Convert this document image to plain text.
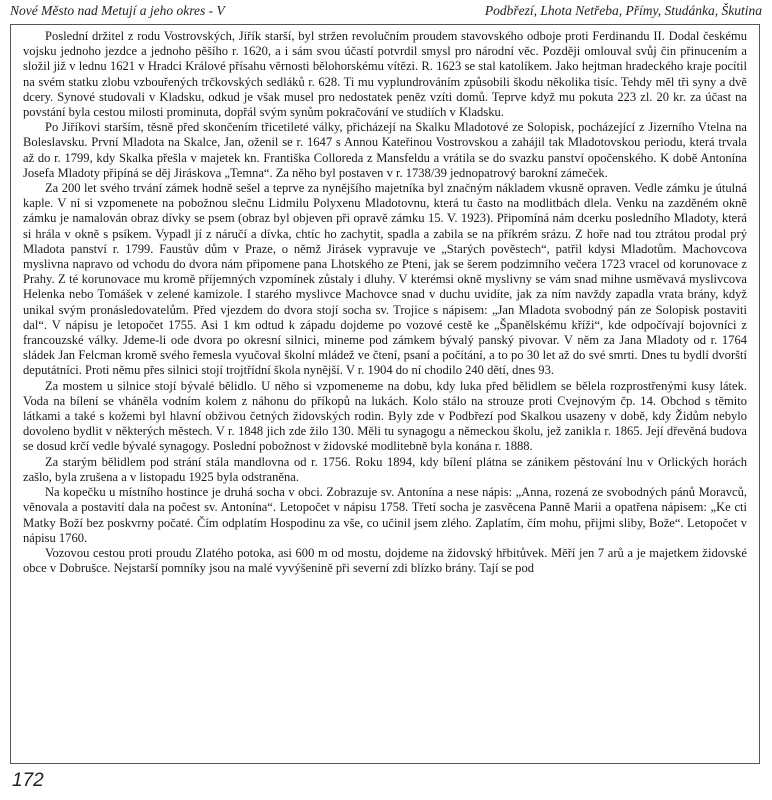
Nové Město nad Metují a jeho okres - V	Podbřezí, Lhota Netřeba, Přímy, Studánka, Škutina

Poslední držitel z rodu Vostrovských, Jiřík starší, byl stržen revolučním proudem stavovského odboje proti Ferdinandu II. Dodal českému vojsku jednoho jezdce a jednoho pěšího r. 1620, a i sám svou účastí potvrdil smysl pro národní věc. Později omlouval svůj čin přinucením a složil již v lednu 1621 v Hradci Králové přísahu věrnosti bělohorskému vítězi. R. 1623 se stal katolíkem. Jako hejtman hradeckého kraje pocítil na svém statku zlobu vzbouřených trčkovských sedláků r. 628. Ti mu vyplundrováním způsobili škodu několika tisíc. Tehdy měl tři syny a dvě dcery. Synové studovali v Kladsku, odkud je však musel pro nedostatek peněz vzíti domů. Teprve když mu pokuta 223 zl. 20 kr. za účast na povstání byla cestou milosti prominuta, dopřál svým synům pokračování ve studiích v Kladsku.

Po Jiříkovi starším, těsně před skončením třicetileté války, přicházejí na Skalku Mladotové ze Solopisk, pocházející z Jizerního Vtelna na Boleslavsku. První Mladota na Skalce, Jan, oženil se r. 1647 s Annou Kateřinou Vostrovskou a zahájil tak Mladotovskou periodu, která trvala až do r. 1799, kdy Skalka přešla v majetek kn. Františka Colloreda z Mansfeldu a vrátila se do svazku panství opočenského. K době Antonína Josefa Mladoty připíná se děj Jiráskova „Temna“. Za něho byl postaven v r. 1738/39 jednopatrový barokní zámeček.

Za 200 let svého trvání zámek hodně sešel a teprve za nynějšího majetníka byl značným nákladem vkusně opraven. Vedle zámku je útulná kaple. V ní si vzpomenete na pobožnou slečnu Lidmilu Polyxenu Mladotovnu, která tu často na modlitbách dlela. Venku na zazděném okně zámku je namalován obraz dívky se psem (obraz byl objeven při opravě zámku 15. V. 1923). Připomíná nám dcerku posledního Mladoty, která si hrála v okně s psíkem. Vypadl jí z náručí a dívka, chtíc ho zachytit, spadla a zabila se na příkrém srázu. Z hoře nad tou ztrátou prodal prý Mladota panství r. 1799. Faustův dům v Praze, o němž Jirásek vypravuje ve „Starých pověstech“, patřil kdysi Mladotům. Machovcova myslivna napravo od vchodu do dvora nám připomene pana Lhotského ze Pteni, jak se šerem podzimního večera 1723 vracel od korunovace z Prahy. Z té korunovace mu kromě příjemných vzpomínek zůstaly i dluhy. V kterémsi okně myslivny se vám snad mihne usměvavá myslivcova Helenka nebo Tomášek v zelené kamizole. I starého myslivce Machovce snad v duchu uvidíte, jak za ním navždy zapadla vrata brány, když unikal svým pronásledovatelům. Před vjezdem do dvora stojí socha sv. Trojice s nápisem: „Jan Mladota svobodný pán ze Solopisk postaviti dal“. V nápisu je letopočet 1755. Asi 1 km odtud k západu dojdeme po vozové cestě ke „Španělskému kříži“, kde odpočívají bojovníci z francouzské války. Jdeme-li ode dvora po okresní silnici, mineme pod zámkem bývalý panský pivovar. V něm za Jana Mladoty od r. 1764 sládek Jan Felcman kromě svého řemesla vyučoval školní mládež ve čtení, psaní a počítání, a to po 30 let až do své smrti. Dnes tu bydlí dvorští deputátníci. Proti němu přes silnici stojí trojtřídní škola nynější. V r. 1904 do ní chodilo 240 dětí, dnes 93.

Za mostem u silnice stojí bývalé bělidlo. U něho si vzpomeneme na dobu, kdy luka před bělidlem se bělela rozprostřenými kusy látek. Voda na bílení se vháněla vodním kolem z náhonu do příkopů na lukách. Kolo stálo na strouze proti Cvejnovým čp. 14. Obchod s těmito látkami a také s kožemi byl hlavní obživou četných židovských rodin. Byly zde v Podbřezí pod Skalkou usazeny v době, kdy Židům nebylo dovoleno bydlit v některých městech. V r. 1848 jich zde žilo 130. Měli tu synagogu a německou školu, jež zanikla r. 1865. Její dřevěná budova se dosud krčí vedle bývalé synagogy. Poslední pobožnost v židovské modlitebně byla konána r. 1888.

Za starým bělidlem pod strání stála mandlovna od r. 1756. Roku 1894, kdy bílení plátna se zánikem pěstování lnu v Orlických horách zašlo, byla zrušena a v listopadu 1925 byla odstraněna.

Na kopečku u místního hostince je druhá socha v obci. Zobrazuje sv. Antonína a nese nápis: „Anna, rozená ze svobodných pánů Moravců, věnovala a postavití dala na počest sv. Antonína“. Letopočet v nápisu 1758. Třetí socha je zasvěcena Panně Marii a opatřena nápisem: „Ke cti Matky Boží bez poskvrny počaté. Čím odplatím Hospodinu za vše, co učinil jsem zlého. Zaplatím, čím mohu, přijmi sliby, Bože“. Letopočet v nápisu 1760.

Vozovou cestou proti proudu Zlatého potoka, asi 600 m od mostu, dojdeme na židovský hřbitůvek. Měří jen 7 arů a je majetkem židovské obce v Dobrušce. Nejstarší pomníky jsou na malé vyvýšenině při severní zdi blízko brány. Tají se pod

172
